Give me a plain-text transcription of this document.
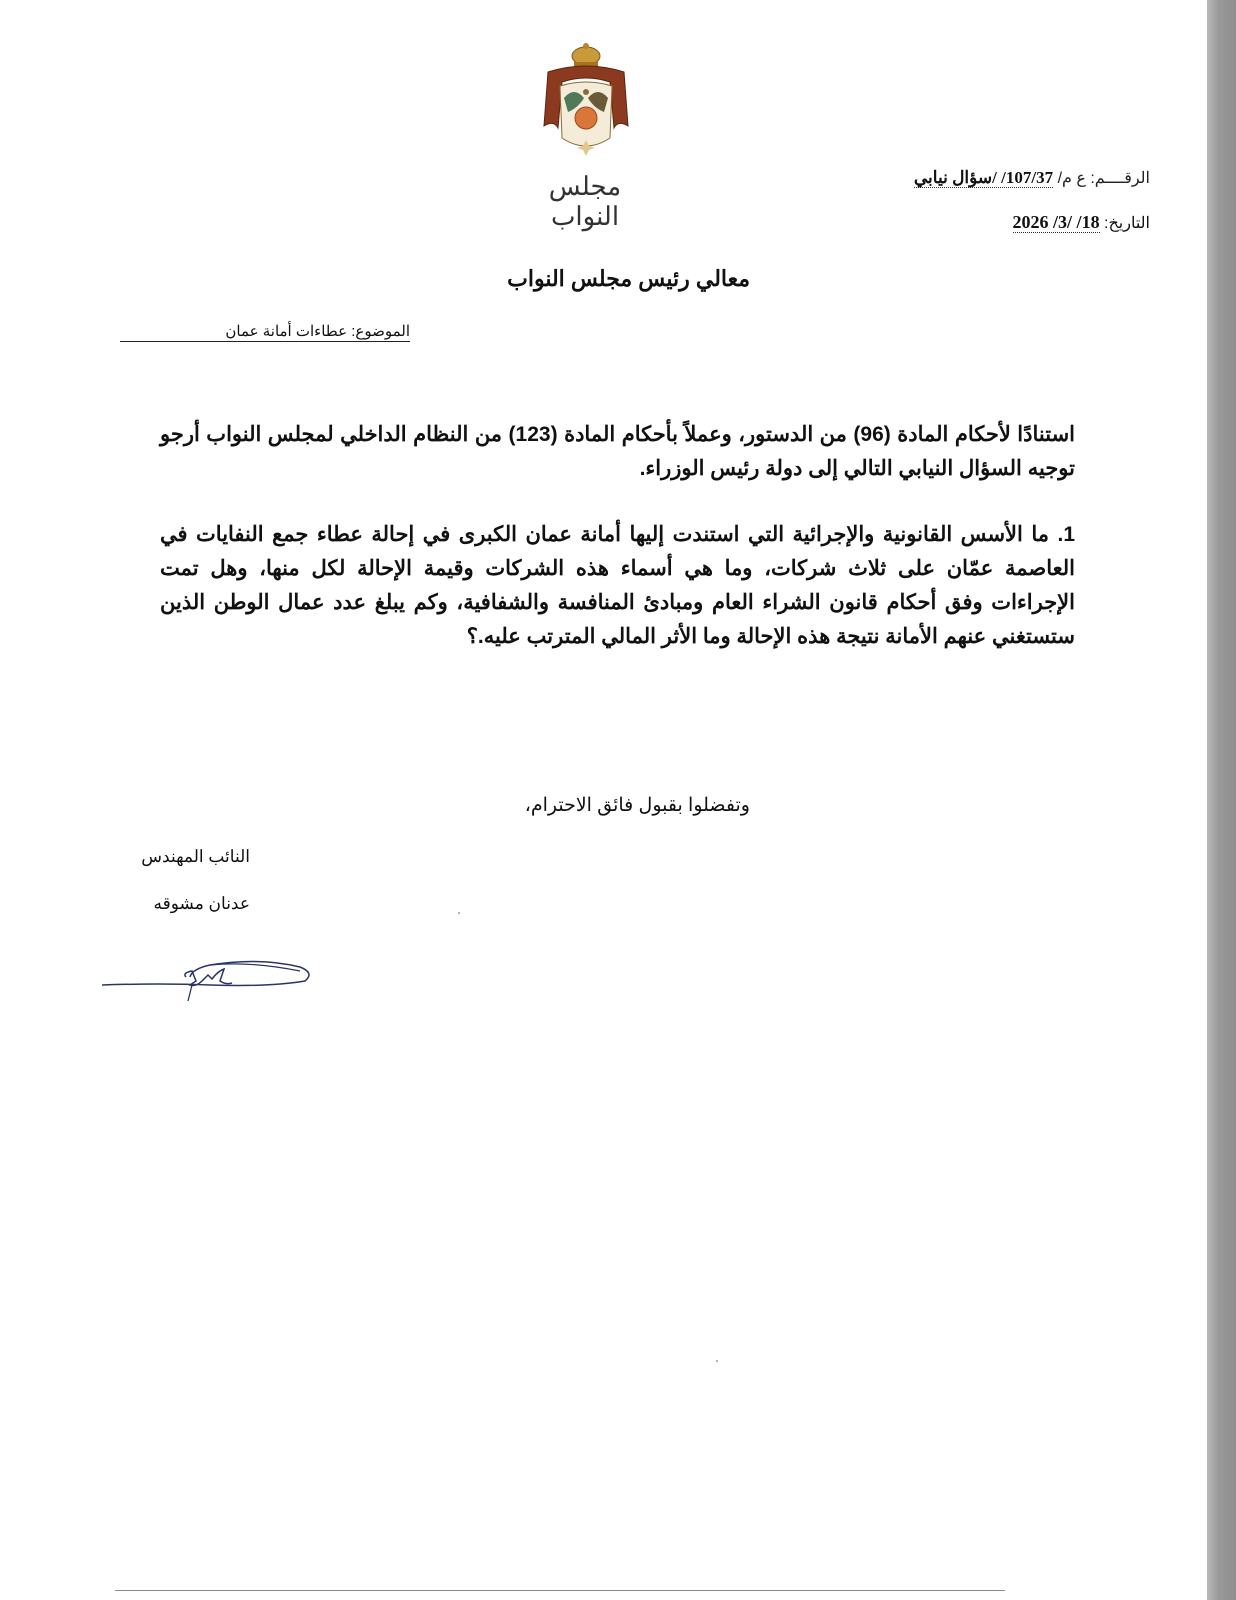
مجلس النواب
الرقــــم: ع م/ 107/37/ /سؤال نيابي
التاريخ: 18/ /3/ 2026
معالي رئيس مجلس النواب
الموضوع: عطاءات أمانة عمان
استنادًا لأحكام المادة (96) من الدستور، وعملاً بأحكام المادة (123) من النظام الداخلي لمجلس النواب أرجو توجيه السؤال النيابي التالي إلى دولة رئيس الوزراء.
1. ما الأسس القانونية والإجرائية التي استندت إليها أمانة عمان الكبرى في إحالة عطاء جمع النفايات في العاصمة عمّان على ثلاث شركات، وما هي أسماء هذه الشركات وقيمة الإحالة لكل منها، وهل تمت الإجراءات وفق أحكام قانون الشراء العام ومبادئ المنافسة والشفافية، وكم يبلغ عدد عمال الوطن الذين ستستغني عنهم الأمانة نتيجة هذه الإحالة وما الأثر المالي المترتب عليه.؟
وتفضلوا بقبول فائق الاحترام،
النائب المهندس
عدنان مشوقه
